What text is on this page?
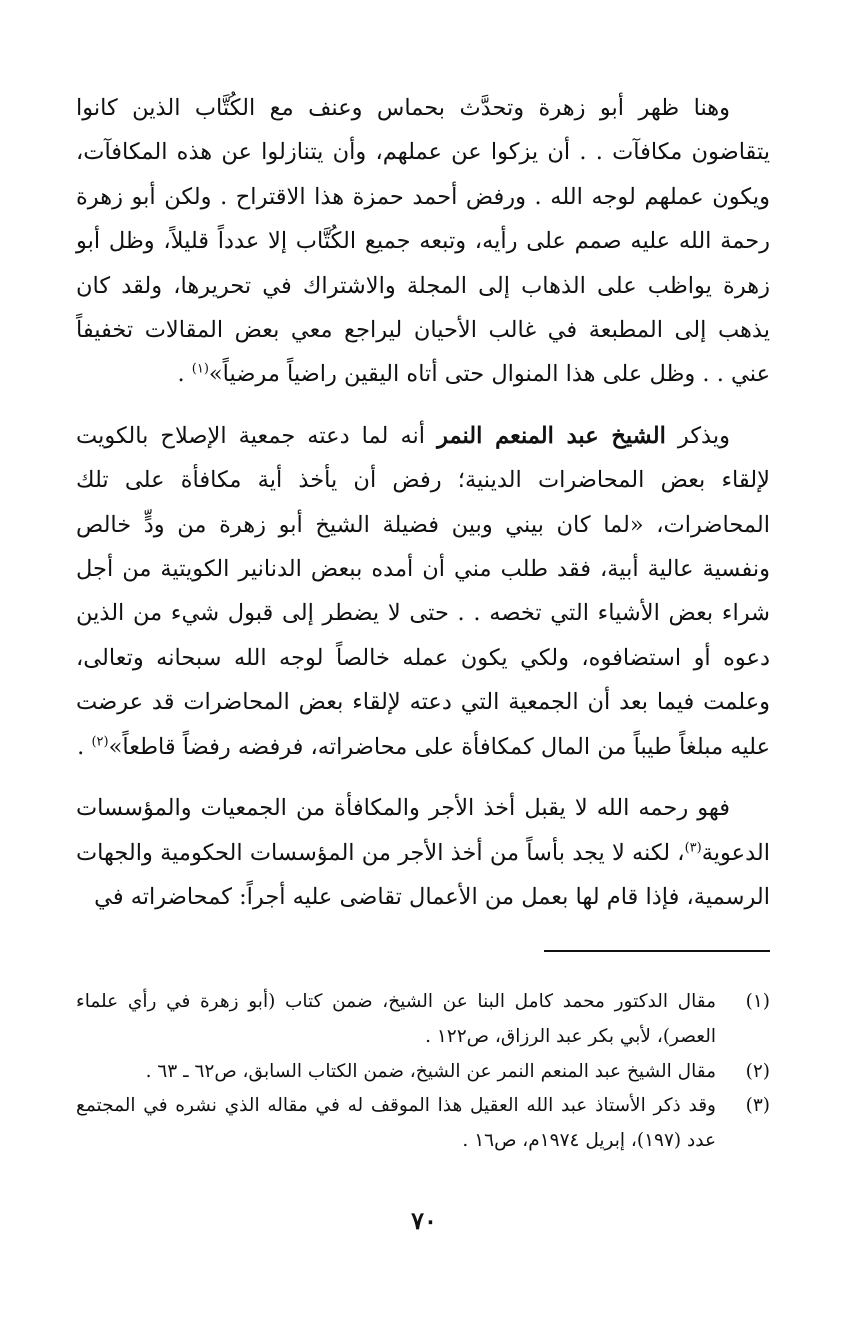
وهنا ظهر أبو زهرة وتحدَّث بحماس وعنف مع الكُتَّاب الذين كانوا يتقاضون مكافآت . . أن يزكوا عن عملهم، وأن يتنازلوا عن هذه المكافآت، ويكون عملهم لوجه الله . ورفض أحمد حمزة هذا الاقتراح . ولكن أبو زهرة رحمة الله عليه صمم على رأيه، وتبعه جميع الكُتَّاب إلا عدداً قليلاً، وظل أبو زهرة يواظب على الذهاب إلى المجلة والاشتراك في تحريرها، ولقد كان يذهب إلى المطبعة في غالب الأحيان ليراجع معي بعض المقالات تخفيفاً عني . . وظل على هذا المنوال حتى أتاه اليقين راضياً مرضياً»$^{(١)}$ .

ويذكر الشيخ عبد المنعم النمر أنه لما دعته جمعية الإصلاح بالكويت لإلقاء بعض المحاضرات الدينية؛ رفض أن يأخذ أية مكافأة على تلك المحاضرات، «لما كان بيني وبين فضيلة الشيخ أبو زهرة من ودٍّ خالص ونفسية عالية أبية، فقد طلب مني أن أمده ببعض الدنانير الكويتية من أجل شراء بعض الأشياء التي تخصه . . حتى لا يضطر إلى قبول شيء من الذين دعوه أو استضافوه، ولكي يكون عمله خالصاً لوجه الله سبحانه وتعالى، وعلمت فيما بعد أن الجمعية التي دعته لإلقاء بعض المحاضرات قد عرضت عليه مبلغاً طيباً من المال كمكافأة على محاضراته، فرفضه رفضاً قاطعاً»$^{(٢)}$ .

فهو رحمه الله لا يقبل أخذ الأجر والمكافأة من الجمعيات والمؤسسات الدعوية$^{(٣)}$، لكنه لا يجد بأساً من أخذ الأجر من المؤسسات الحكومية والجهات الرسمية، فإذا قام لها بعمل من الأعمال تقاضى عليه أجراً: كمحاضراته في

(١)
مقال الدكتور محمد كامل البنا عن الشيخ، ضمن كتاب (أبو زهرة في رأي علماء العصر)، لأبي بكر عبد الرزاق، ص١٢٢ .
(٢)
مقال الشيخ عبد المنعم النمر عن الشيخ، ضمن الكتاب السابق، ص٦٢ ـ ٦٣ .
(٣)
وقد ذكر الأستاذ عبد الله العقيل هذا الموقف له في مقاله الذي نشره في المجتمع عدد (١٩٧)، إبريل ١٩٧٤م، ص١٦ .
٧٠
